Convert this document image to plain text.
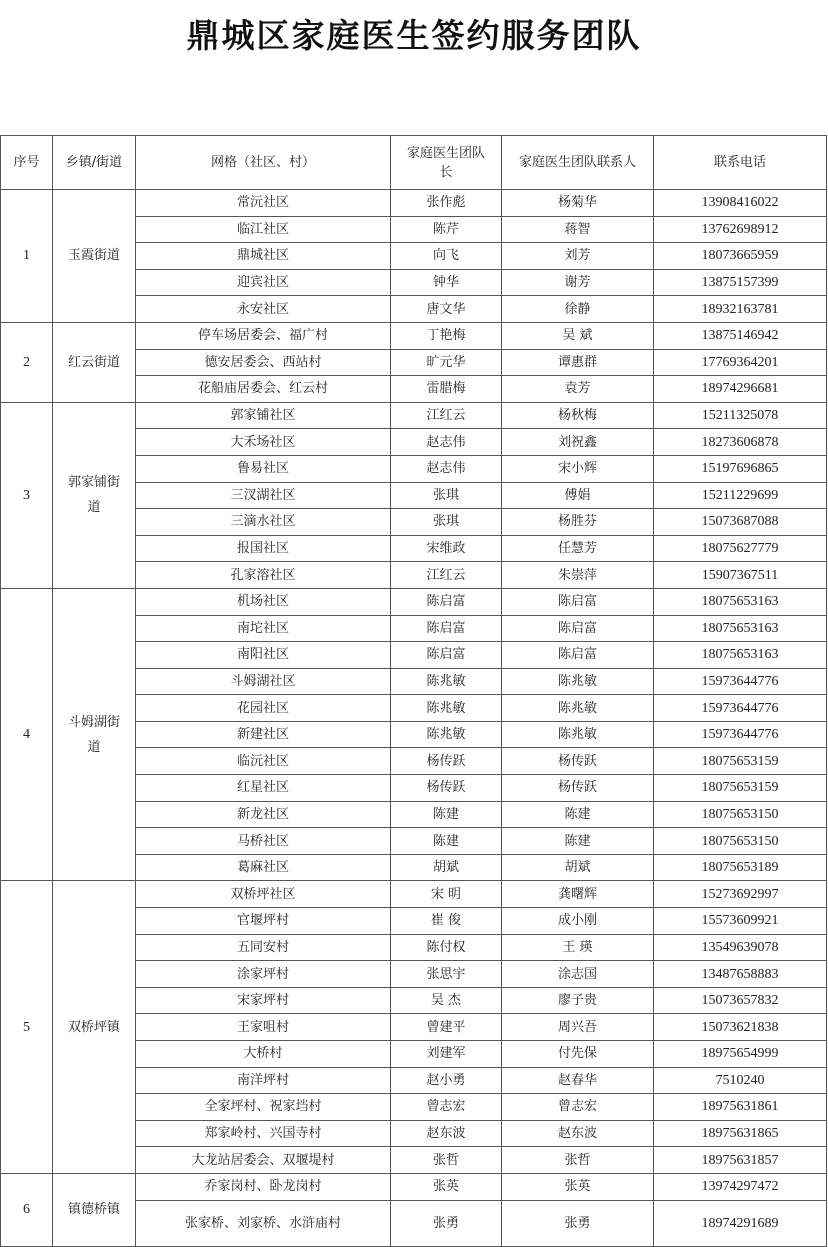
鼎城区家庭医生签约服务团队
序号	乡镇/街道	网格（社区、村）	家庭医生团队长	家庭医生团队联系人	联系电话
1	玉霞街道	常沅社区	张作彪	杨菊华	13908416022
		临江社区	陈芹	蒋智	13762698912
		鼎城社区	向飞	刘芳	18073665959
		迎宾社区	钟华	谢芳	13875157399
		永安社区	唐文华	徐静	18932163781
2	红云街道	停车场居委会、福广村	丁艳梅	吴 斌	13875146942
		德安居委会、西站村	旷元华	谭惠群	17769364201
		花船庙居委会、红云村	雷腊梅	袁芳	18974296681
3	郭家铺街道	郭家铺社区	江红云	杨秋梅	15211325078
		大禾场社区	赵志伟	刘祝鑫	18273606878
		鲁易社区	赵志伟	宋小辉	15197696865
		三汊湖社区	张琪	傅娟	15211229699
		三滴水社区	张琪	杨胜芬	15073687088
		报国社区	宋维政	任慧芳	18075627779
		孔家溶社区	江红云	朱崇萍	15907367511
4	斗姆湖街道	机场社区	陈启富	陈启富	18075653163
		南坨社区	陈启富	陈启富	18075653163
		南阳社区	陈启富	陈启富	18075653163
		斗姆湖社区	陈兆敏	陈兆敏	15973644776
		花园社区	陈兆敏	陈兆敏	15973644776
		新建社区	陈兆敏	陈兆敏	15973644776
		临沅社区	杨传跃	杨传跃	18075653159
		红星社区	杨传跃	杨传跃	18075653159
		新龙社区	陈建	陈建	18075653150
		马桥社区	陈建	陈建	18075653150
		葛麻社区	胡斌	胡斌	18075653189
5	双桥坪镇	双桥坪社区	宋 明	龚曙辉	15273692997
		官堰坪村	崔 俊	成小刚	15573609921
		五同安村	陈付权	王 瑛	13549639078
		涂家坪村	张思宇	涂志国	13487658883
		宋家坪村	吴 杰	廖子贵	15073657832
		王家咀村	曾建平	周兴吾	15073621838
		大桥村	刘建军	付先保	18975654999
		南洋坪村	赵小勇	赵春华	7510240
		全家坪村、祝家垱村	曾志宏	曾志宏	18975631861
		郑家岭村、兴国寺村	赵东波	赵东波	18975631865
		大龙站居委会、双堰堤村	张哲	张哲	18975631857
6	镇德桥镇	乔家岗村、卧龙岗村	张英	张英	13974297472
		张家桥、刘家桥、水浒庙村	张勇	张勇	18974291689
